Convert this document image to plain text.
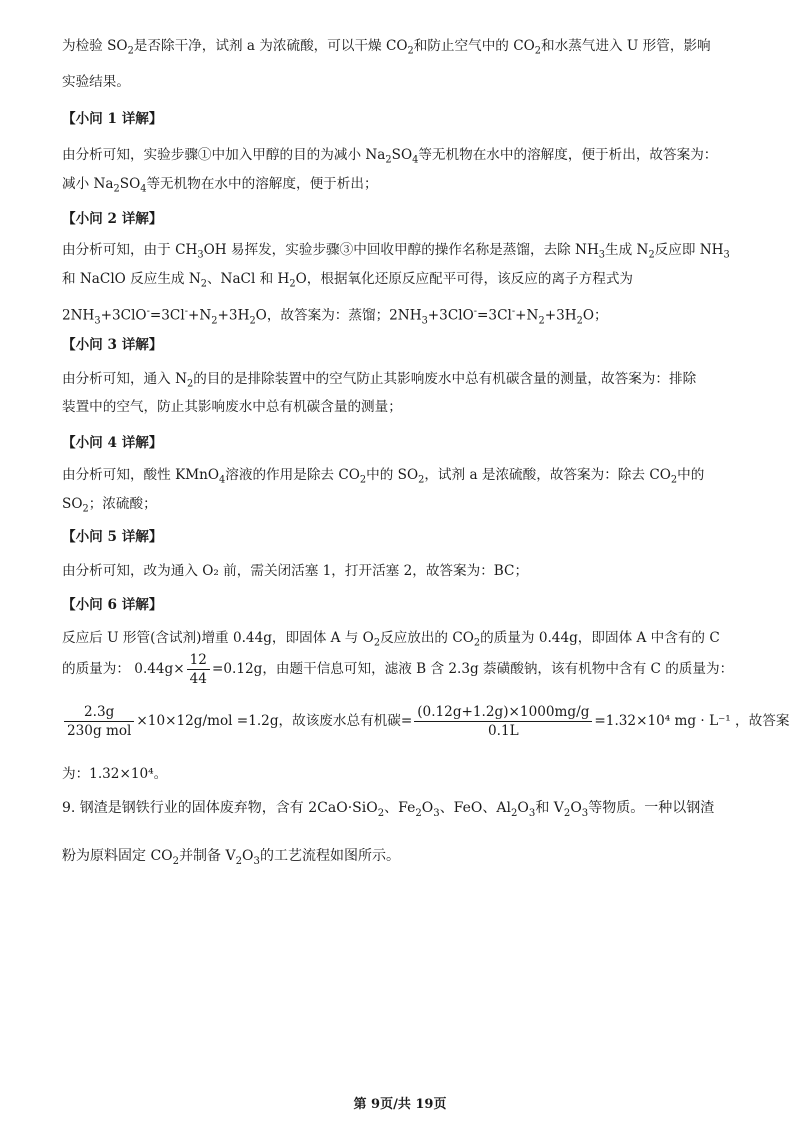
为检验 $SO_2$是否除干净，试剂 a 为浓硫酸，可以干燥 $CO_2$和防止空气中的 $CO_2$和水蒸气进入 U 形管，影响
实验结果。
【小问 1 详解】
由分析可知，实验步骤①中加入甲醇的目的为减小 $Na_2SO_4$等无机物在水中的溶解度，便于析出，故答案为：
减小 $Na_2SO_4$等无机物在水中的溶解度，便于析出；
【小问 2 详解】
由分析可知，由于 $CH_3OH$ 易挥发，实验步骤③中回收甲醇的操作名称是蒸馏，去除 $NH_3$生成 $N_2$反应即 $NH_3$
和 NaClO 反应生成 $N_2$、NaCl 和 $H_2O$，根据氧化还原反应配平可得，该反应的离子方程式为
$2NH_3+3ClO^-=3Cl^-+N_2+3H_2O$，故答案为：蒸馏；$2NH_3+3ClO^-=3Cl^-+N_2+3H_2O$；
【小问 3 详解】
由分析可知，通入 $N_2$的目的是排除装置中的空气防止其影响废水中总有机碳含量的测量，故答案为：排除
装置中的空气，防止其影响废水中总有机碳含量的测量；
【小问 4 详解】
由分析可知，酸性 KMnO$_4$溶液的作用是除去 $CO_2$中的 $SO_2$，试剂 a 是浓硫酸，故答案为：除去 $CO_2$中的
$SO_2$；浓硫酸；
【小问 5 详解】
由分析可知，改为通入 O₂ 前，需关闭活塞 1，打开活塞 2，故答案为：BC；
【小问 6 详解】
反应后 U 形管(含试剂)增重 0.44g，即固体 A 与 $O_2$反应放出的 $CO_2$的质量为 0.44g，即固体 A 中含有的 C
的质量为： $0.44g\times \frac{12}{44} =0.12g$，由题干信息可知，滤液 B 含 2.3g 萘磺酸钠，该有机物中含有 C 的质量为：
$\frac{2.3g}{\text{230g mol}} \times 10\times 12g/mol =1.2g$，故该废水总有机碳= $\frac{(0.12g+1.2g)\times 1000mg/g}{0.1L} =1.32\times 10^4$ mg · L⁻¹ ，故答案
为：1.32×10⁴。
9. 钢渣是钢铁行业的固体废弃物，含有 2CaO·SiO$_2$、$Fe_2O_3$、FeO、$Al_2O_3$和 $V_2O_3$等物质。一种以钢渣
粉为原料固定 $CO_2$并制备 $V_2O_3$的工艺流程如图所示。
第 9页/共 19页
